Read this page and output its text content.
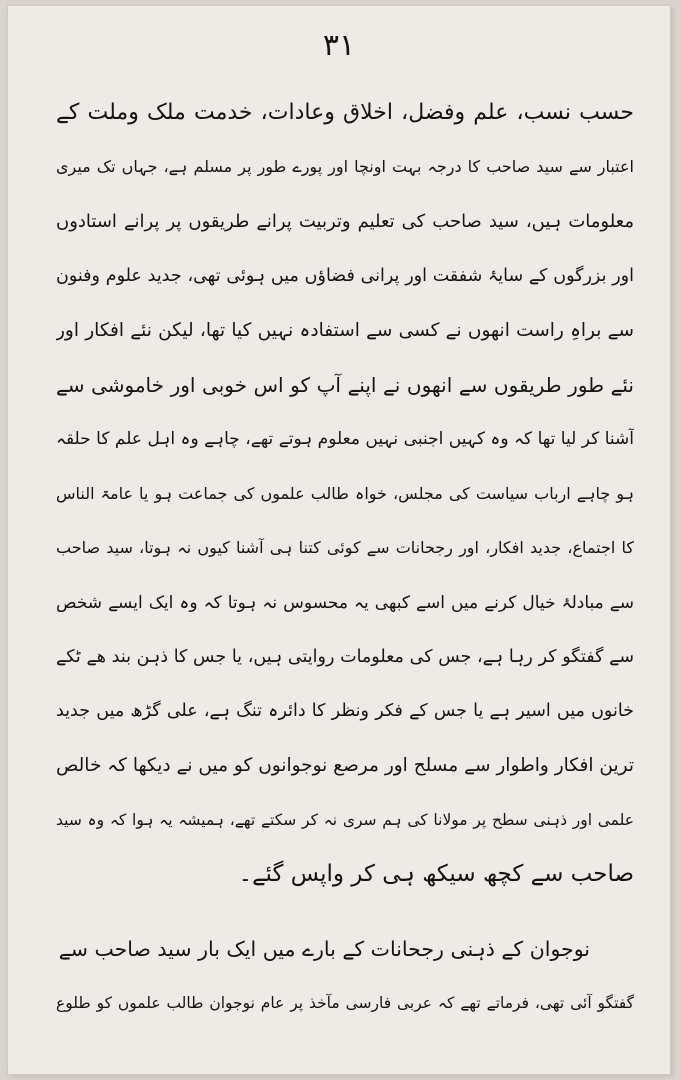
۳۱
حسب نسب، علم وفضل، اخلاق وعادات، خدمت ملک وملت کے
اعتبار سے سید صاحب کا درجہ بہت اونچا اور پورے طور پر مسلم ہے، جہاں تک میری
معلومات ہیں، سید صاحب کی تعلیم وتربیت پرانے طریقوں پر پرانے استادوں
اور بزرگوں کے سایۂ شفقت اور پرانی فضاؤں میں ہوئی تھی، جدید علوم وفنون
سے براہِ راست انھوں نے کسی سے استفادہ نہیں کیا تھا، لیکن نئے افکار اور
نئے طور طریقوں سے انھوں نے اپنے آپ کو اس خوبی اور خاموشی سے
آشنا کر لیا تھا کہ وہ کہیں اجنبی نہیں معلوم ہوتے تھے، چاہے وہ اہل علم کا حلقہ
ہو چاہے ارباب سیاست کی مجلس، خواہ طالب علموں کی جماعت ہو یا عامۃ الناس
کا اجتماع، جدید افکار، اور رجحانات سے کوئی کتنا ہی آشنا کیوں نہ ہوتا، سید صاحب
سے مبادلۂ خیال کرنے میں اسے کبھی یہ محسوس نہ ہوتا کہ وہ ایک ایسے شخص
سے گفتگو کر رہا ہے، جس کی معلومات روایتی ہیں، یا جس کا ذہن بند ھے ٹکے
خانوں میں اسیر ہے یا جس کے فکر ونظر کا دائرہ تنگ ہے، علی گڑھ میں جدید
ترین افکار واطوار سے مسلح اور مرصع نوجوانوں کو میں نے دیکھا کہ خالص
علمی اور ذہنی سطح پر مولانا کی ہم سری نہ کر سکتے تھے، ہمیشہ یہ ہوا کہ وہ سید
صاحب سے کچھ سیکھ ہی کر واپس گئے۔
نوجوان کے ذہنی رجحانات کے بارے میں ایک بار سید صاحب سے
گفتگو آئی تھی، فرماتے تھے کہ عربی فارسی مآخذ پر عام نوجوان طالب علموں کو طلوع
